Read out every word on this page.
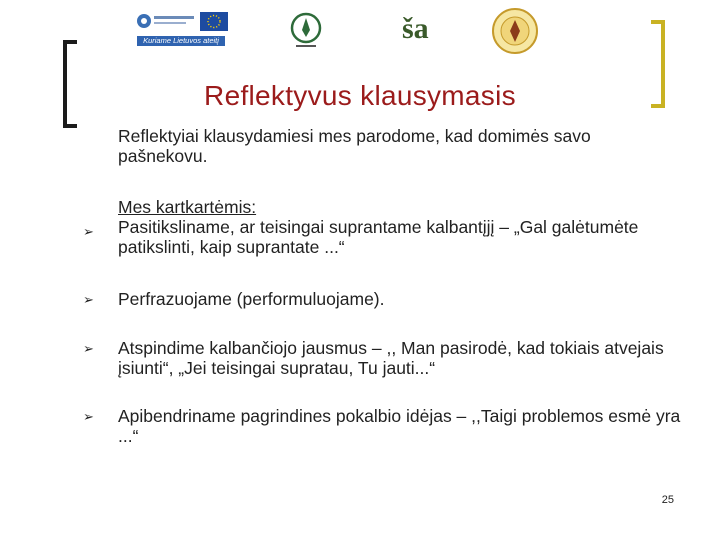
Kuriame Lietuvos ateitį	ša
Reflektyvus klausymasis
Reflektyiai klausydamiesi mes parodome, kad domimės savo pašnekovu.
➢
Mes kartkartėmis:
Pasitiksliname, ar teisingai suprantame kalbantįjį – „Gal galėtumėte patikslinti, kaip suprantate ...“
➢ Perfrazuojame (performuluojame).
➢ Atspindime kalbančiojo jausmus – ,, Man pasirodė, kad tokiais atvejais įsiunti“, „Jei teisingai supratau, Tu jauti...“
➢ Apibendriname pagrindines pokalbio idėjas – ,,Taigi problemos esmė yra ...“
25
